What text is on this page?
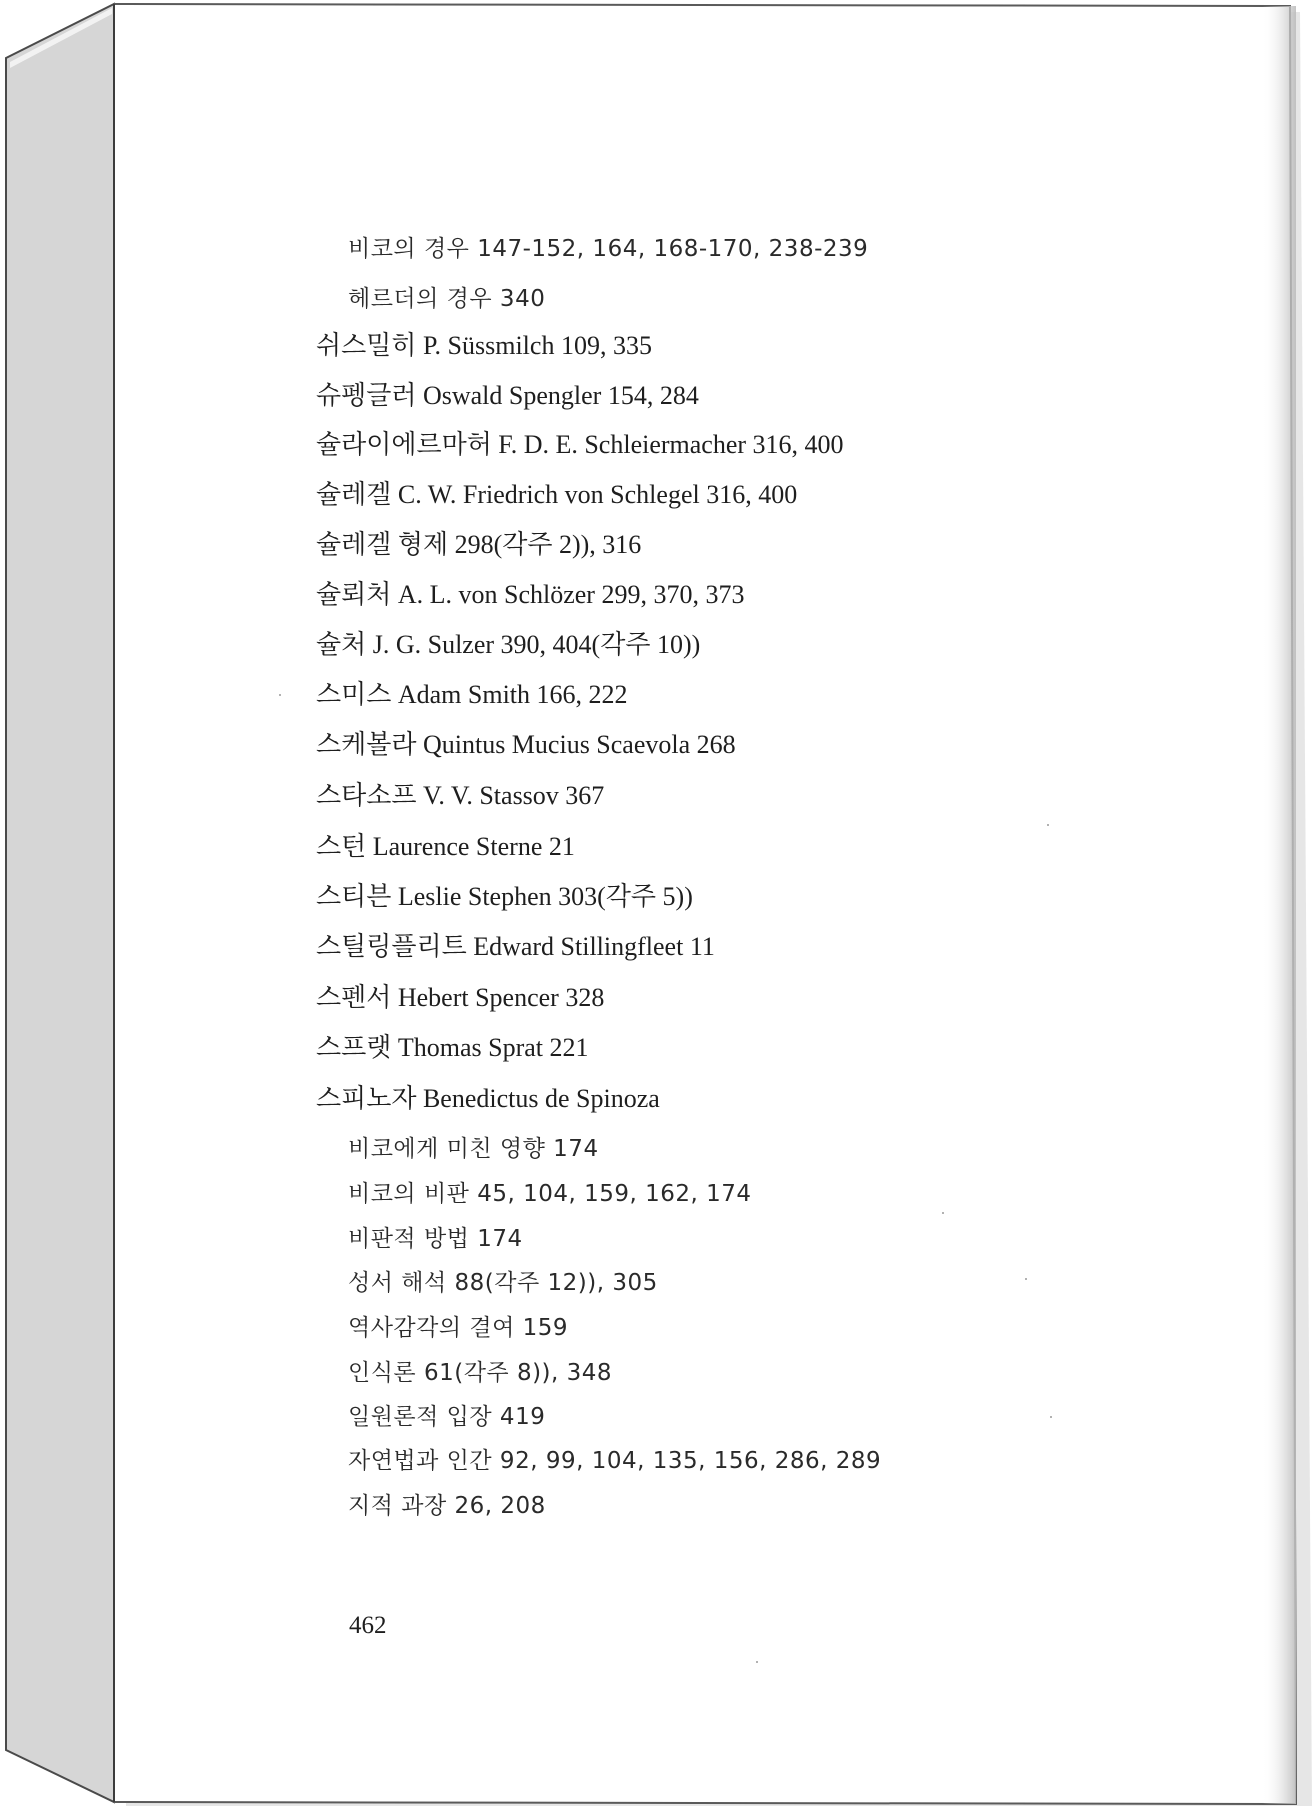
비코의 경우 147-152, 164, 168-170, 238-239
헤르더의 경우 340
쉬스밀히 P. Süssmilch 109, 335
슈펭글러 Oswald Spengler 154, 284
슐라이에르마허 F. D. E. Schleiermacher 316, 400
슐레겔 C. W. Friedrich von Schlegel 316, 400
슐레겔 형제 298(각주 2)), 316
슐뢰처 A. L. von Schlözer 299, 370, 373
슐처 J. G. Sulzer 390, 404(각주 10))
스미스 Adam Smith 166, 222
스케볼라 Quintus Mucius Scaevola 268
스타소프 V. V. Stassov 367
스턴 Laurence Sterne 21
스티븐 Leslie Stephen 303(각주 5))
스틸링플리트 Edward Stillingfleet 11
스펜서 Hebert Spencer 328
스프랫 Thomas Sprat 221
스피노자 Benedictus de Spinoza
비코에게 미친 영향 174
비코의 비판 45, 104, 159, 162, 174
비판적 방법 174
성서 해석 88(각주 12)), 305
역사감각의 결여 159
인식론 61(각주 8)), 348
일원론적 입장 419
자연법과 인간 92, 99, 104, 135, 156, 286, 289
지적 과장 26, 208
462
